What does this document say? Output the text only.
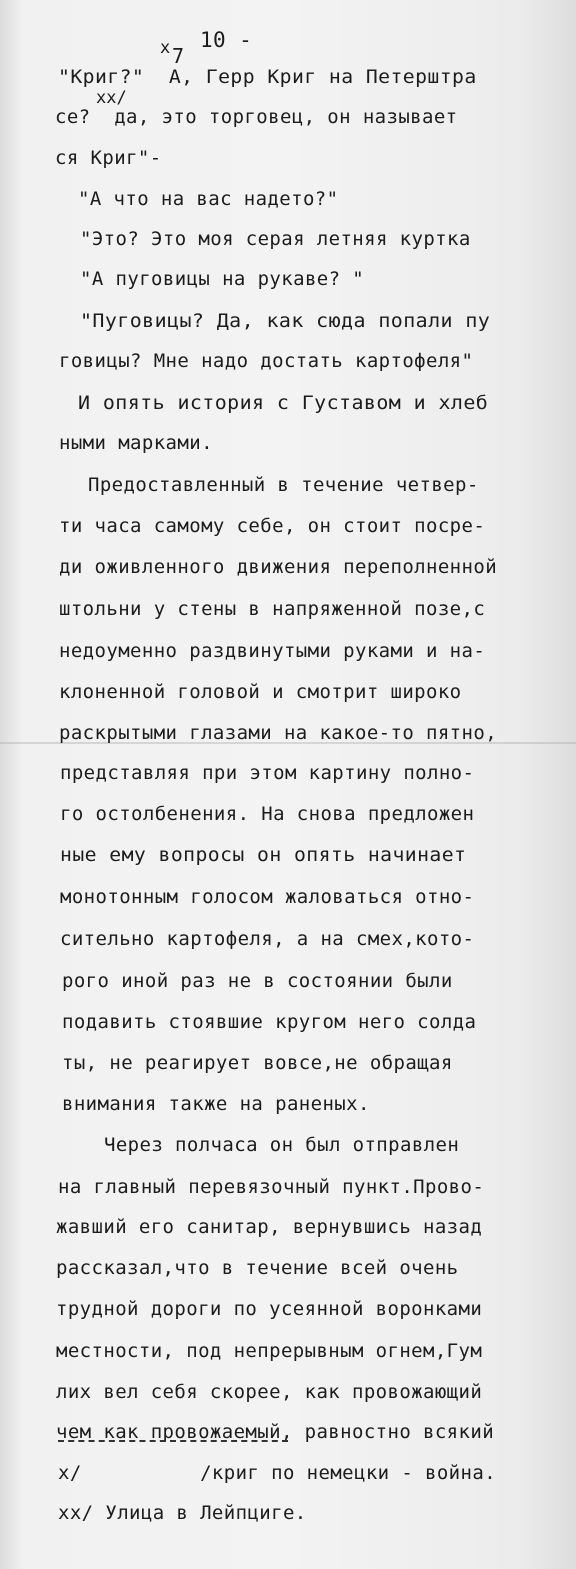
10 -
x 7
xx/
"Криг?"  А, Герр Криг на Петерштра
се?  да, это торговец, он называет
ся Криг"-
"А что на вас надето?"
"Это? Это моя серая летняя куртка
"А пуговицы на рукаве? "
"Пуговицы? Да, как сюда попали пу
говицы? Мне надо достать картофеля"
И опять история с Густавом и хлеб
ными марками.
Предоставленный в течение четвер-
ти часа самому себе, он стоит посре-
ди оживленного движения переполненной
штольни у стены в напряженной позе,с
недоуменно раздвинутыми руками и на-
клоненной головой и смотрит широко
раскрытыми глазами на какое-то пятно,
представляя при этом картину полно-
го остолбенения. На снова предложен
ные ему вопросы он опять начинает
монотонным голосом жаловаться отно-
сительно картофеля, а на смех,кото-
рого иной раз не в состоянии были
подавить стоявшие кругом него солда
ты, не реагирует вовсе,не обращая
внимания также на раненых.
Через полчаса он был отправлен
на главный перевязочный пункт.Прово-
жавший его санитар, вернувшись назад
рассказал,что в течение всей очень
трудной дороги по усеянной воронками
местности, под непрерывным огнем,Гум
лих вел себя скорее, как провожающий
чем как провожаемый, равностно всякий
x/          /криг по немецки - война.
xx/ Улица в Лейпциге.
